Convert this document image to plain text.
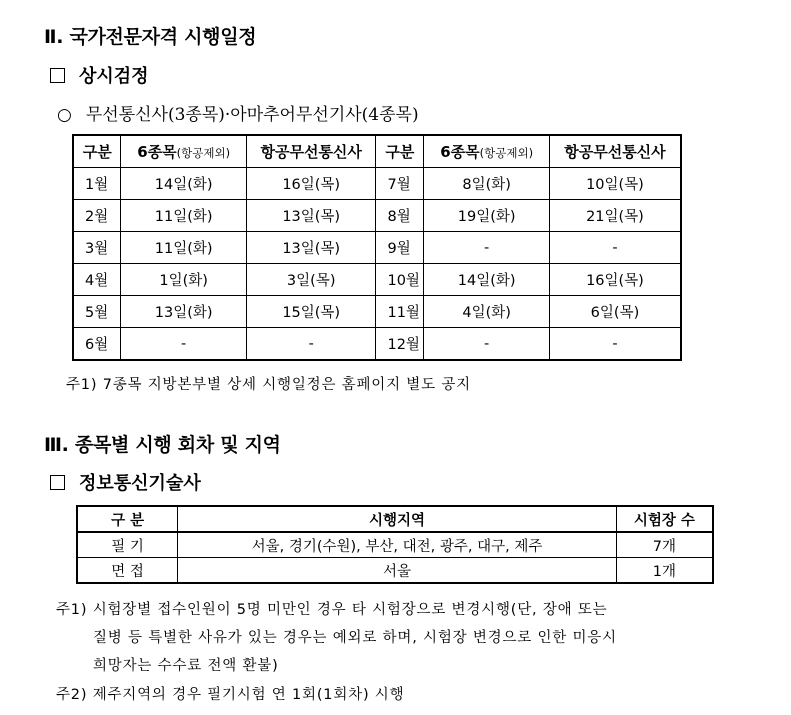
Ⅱ. 국가전문자격 시행일정
상시검정
○ 무선통신사(3종목)·아마추어무선기사(4종목)
구분	6종목(항공제외)	항공무선통신사	구분	6종목(항공제외)	항공무선통신사
1월	14일(화)	16일(목)	7월	8일(화)	10일(목)
2월	11일(화)	13일(목)	8월	19일(화)	21일(목)
3월	11일(화)	13일(목)	9월	-	-
4월	1일(화)	3일(목)	10월	14일(화)	16일(목)
5월	13일(화)	15일(목)	11월	4일(화)	6일(목)
6월	-	-	12월	-	-
주1) 7종목 지방본부별 상세 시행일정은 홈페이지 별도 공지
Ⅲ. 종목별 시행 회차 및 지역
정보통신기술사
구 분	시행지역	시험장 수
필 기	서울, 경기(수원), 부산, 대전, 광주, 대구, 제주	7개
면 접	서울	1개
주1) 시험장별 접수인원이 5명 미만인 경우 타 시험장으로 변경시행(단, 장애 또는
질병 등 특별한 사유가 있는 경우는 예외로 하며, 시험장 변경으로 인한 미응시
희망자는 수수료 전액 환불)
주2) 제주지역의 경우 필기시험 연 1회(1회차) 시행
